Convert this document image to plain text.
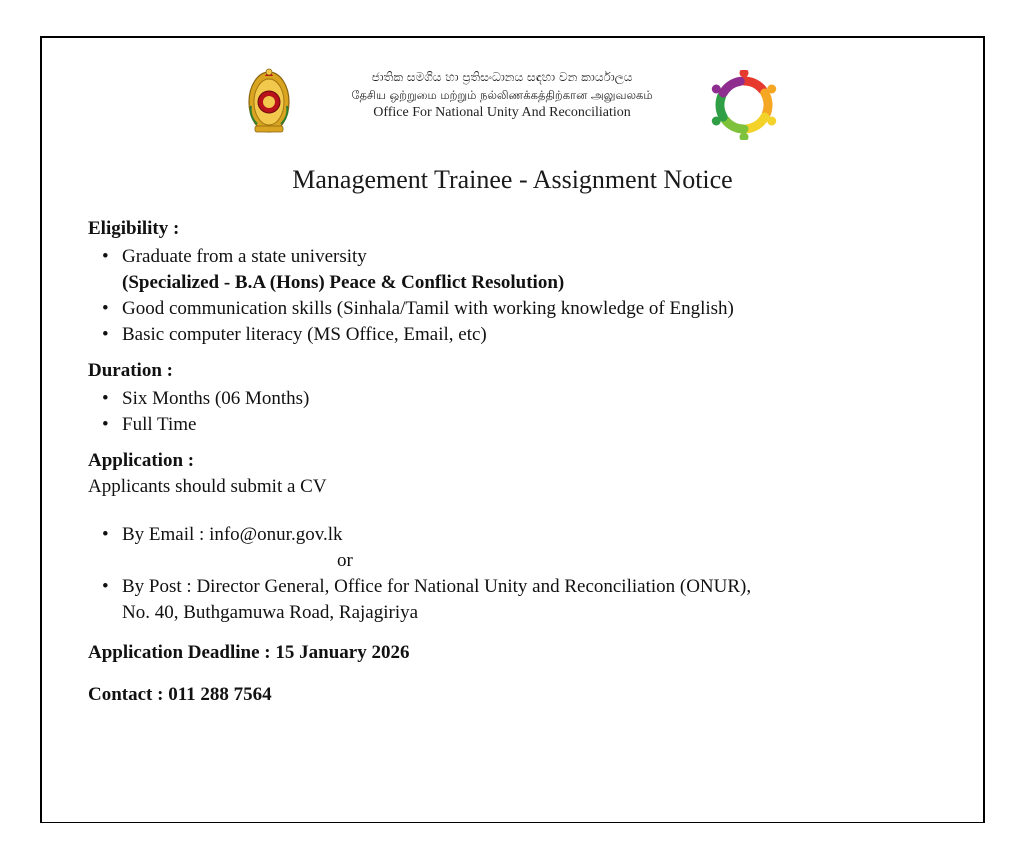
ජාතික සමගිය හා ප්‍රතිසංධානය සඳහා වන කාර්යාලය
தேசிய ஒற்றுமை மற்றும் நல்லிணக்கத்திற்கான அலுவலகம்
Office For National Unity And Reconciliation
Management Trainee - Assignment Notice

Eligibility :

• Graduate from a state university
(Specialized - B.A (Hons) Peace & Conflict Resolution)
• Good communication skills (Sinhala/Tamil with working knowledge of English)
• Basic computer literacy (MS Office, Email, etc)

Duration :

• Six Months (06 Months)
• Full Time

Application :

Applicants should submit a CV

• By Email : info@onur.gov.lk
or
• By Post : Director General, Office for National Unity and Reconciliation (ONUR),
No. 40, Buthgamuwa Road, Rajagiriya

Application Deadline : 15 January 2026

Contact : 011 288 7564
